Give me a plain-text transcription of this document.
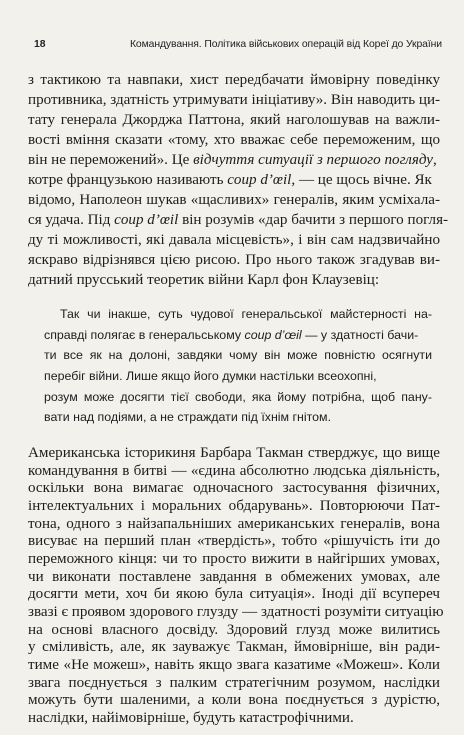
18	Командування. Політика військових операцій від Кореї до України
з тактикою та навпаки, хист передбачати ймовірну поведінку
противника, здатність утримувати ініціативу». Він наводить ци-
тату генерала Джорджа Паттона, який наголошував на важли-
вості вміння сказати «тому, хто вважає себе переможеним, що
він не переможений». Це відчуття ситуації з першого погляду,
котре французькою називають coup d’œil, — це щось вічне. Як
відомо, Наполеон шукав «щасливих» генералів, яким усміхала-
ся удача. Під coup d’œil він розумів «дар бачити з першого погля-
ду ті можливості, які давала місцевість», і він сам надзвичайно
яскраво відрізнявся цією рисою. Про нього також згадував ви-
датний прусський теоретик війни Карл фон Клаузевіц:
Так чи інакше, суть чудової генеральської майстерності на-
справді полягає в генеральському coup d’œil — у здатності бачи-
ти все як на долоні, завдяки чому він може повністю осягнути
перебіг війни. Лише якщо його думки настільки всеохопні,
розум може досягти тієї свободи, яка йому потрібна, щоб пану-
вати над подіями, а не страждати під їхнім гнітом.
Американська історикиня Барбара Такман стверджує, що вище
командування в битві — «єдина абсолютно людська діяльність,
оскільки вона вимагає одночасного застосування фізичних,
інтелектуальних і моральних обдарувань». Повторюючи Пат-
тона, одного з найзапальніших американських генералів, вона
висуває на перший план «твердість», тобто «рішучість іти до
переможного кінця: чи то просто вижити в найгірших умовах,
чи виконати поставлене завдання в обмежених умовах, але
досягти мети, хоч би якою була ситуація». Іноді дії всупереч
звазі є проявом здорового глузду — здатності розуміти ситуацію
на основі власного досвіду. Здоровий глузд може вилитись
у сміливість, але, як зауважує Такман, ймовірніше, він ради-
тиме «Не можеш», навіть якщо звага казатиме «Можеш». Коли
звага поєднується з палким стратегічним розумом, наслідки
можуть бути шаленими, а коли вона поєднується з дурістю,
наслідки, найімовірніше, будуть катастрофічними.
